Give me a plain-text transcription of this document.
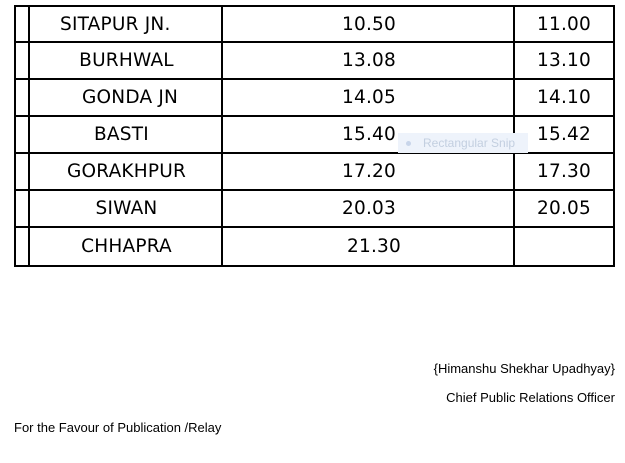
SITAPUR JN.	10.50	11.00
BURHWAL	13.08	13.10
GONDA JN	14.05	14.10
BASTI	15.40	15.42
GORAKHPUR	17.20	17.30
SIWAN	20.03	20.05
CHHAPRA	21.30
Rectangular Snip
{Himanshu Shekhar Upadhyay}
Chief Public Relations Officer
For the Favour of Publication /Relay
